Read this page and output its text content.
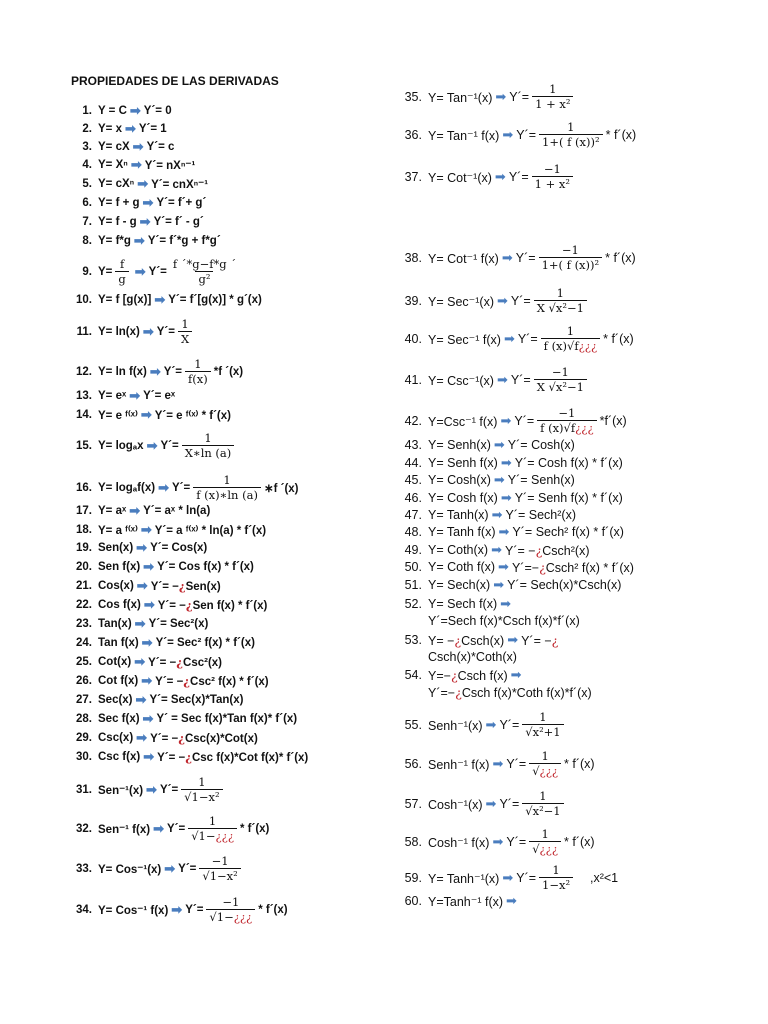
PROPIEDADES DE LAS DERIVADAS
1. Y = C ➡ Y´= 0
2. Y= x ➡ Y´= 1
3. Y= cX ➡ Y´= c
4. Y= Xⁿ ➡ Y´= nXⁿ⁻¹
5. Y= cXⁿ ➡ Y´= cnXⁿ⁻¹
6. Y= f + g ➡ Y´= f´+ g´
7. Y= f - g ➡ Y´= f´ - g´
8. Y= f*g ➡ Y´= f´*g + f*g´
9. $Y= \frac{f}{g}$ ➡ Y´= $\frac{f ´*g-f*g ´}{\text{g²}}$
10. Y= f [g(x)] ➡ Y´= f´[g(x)] * g´(x)
11. Y= ln(x) ➡ Y´= $\frac{1}{X}$
12. Y= ln f(x) ➡ Y´= $\frac{1}{f(x)} *f$ ´(x)
13. Y= eˣ ➡ Y´= eˣ
14. Y= e ᶠ⁽ˣ⁾ ➡ Y´= e ᶠ⁽ˣ⁾ * f´(x)
15. Y= logₐx ➡ Y´= $\frac{1}{X∗\ln (a)}$
16. Y= logₐf(x) ➡ Y´= $\frac{1}{f (x)∗\ln (a)}$ ∗f ´(x)
17. Y= aˣ ➡ Y´= aˣ * ln(a)
18. Y= a ᶠ⁽ˣ⁾ ➡ Y´= a ᶠ⁽ˣ⁾ * ln(a) * f´(x)
19. Sen(x) ➡ Y´= Cos(x)
20. Sen f(x) ➡ Y´= Cos f(x) * f´(x)
21. Cos(x) ➡ Y´= −¿Sen(x)
22. Cos f(x) ➡ Y´= −¿Sen f(x) * f´(x)
23. Tan(x) ➡ Y´= Sec²(x)
24. Tan f(x) ➡ Y´= Sec² f(x) * f´(x)
25. Cot(x) ➡ Y´= −¿Csc²(x)
26. Cot f(x) ➡ Y´= −¿Csc² f(x) * f´(x)
27. Sec(x) ➡ Y´= Sec(x)*Tan(x)
28. Sec f(x) ➡ Y´ = Sec f(x)*Tan f(x)* f´(x)
29. Csc(x) ➡ Y´= −¿Csc(x)*Cot(x)
30. Csc f(x) ➡ Y´= −¿Csc f(x)*Cot f(x)* f´(x)
31. Sen⁻¹(x) ➡ Y´= $\frac{1}{\text{√1−x²}}$
32. Sen⁻¹ f(x) ➡ Y´= $\frac{1}{√1-¿¿¿}$ * f´(x)
33. Y= Cos⁻¹(x) ➡ Y´= $\frac{-1}{\text{√1−x²}}$
34. Y= Cos⁻¹ f(x) ➡ Y´= $\frac{-1}{√1-¿¿¿}$ * f´(x)
35. Y= Tan⁻¹(x) ➡ Y´= $\frac{1}{\text{1 + x²}}$
36. Y= Tan⁻¹ f(x) ➡ Y´= $\frac{1}{\text{1+( f (x))²}}$ * f´(x)
37. Y= Cot⁻¹(x) ➡ Y´= $\frac{-1}{\text{1 + x²}}$
38. Y= Cot⁻¹ f(x) ➡ Y´= $\frac{-1}{\text{1+( f (x))²}}$ * f´(x)
39. Y= Sec⁻¹(x) ➡ Y´= $\frac{1}{\text{X √x²−1}}$
40. Y= Sec⁻¹ f(x) ➡ Y´= $\frac{1}{f (x)√f¿¿¿}$ * f´(x)
41. Y= Csc⁻¹(x) ➡ Y´= $\frac{-1}{\text{X √x²−1}}$
42. Y=Csc⁻¹ f(x) ➡ Y´= $\frac{-1}{f (x)√f¿¿¿}$ *f´(x)
43. Y= Senh(x) ➡ Y´= Cosh(x)
44. Y= Senh f(x) ➡ Y´= Cosh f(x) * f´(x)
45. Y= Cosh(x) ➡ Y´= Senh(x)
46. Y= Cosh f(x) ➡ Y´= Senh f(x) * f´(x)
47. Y= Tanh(x) ➡ Y´= Sech²(x)
48. Y= Tanh f(x) ➡ Y´= Sech² f(x) * f´(x)
49. Y= Coth(x) ➡ Y´= −¿Csch²(x)
50. Y= Coth f(x) ➡ Y´=−¿Csch² f(x) * f´(x)
51. Y= Sech(x) ➡ Y´= Sech(x)*Csch(x)
52. Y= Sech f(x) ➡
Y´=Sech f(x)*Csch f(x)*f´(x)
53. Y= −¿Csch(x) ➡ Y´= −¿
Csch(x)*Coth(x)
54. Y=−¿Csch f(x) ➡
Y´=− ¿ Csch f(x)*Coth f(x)*f´(x)
55. Senh⁻¹(x) ➡ Y´= $\frac{1}{\text{√x²+1}}$
56. Senh⁻¹ f(x) ➡ Y´= $\frac{1}{√¿¿¿}$ * f´(x)
57. Cosh⁻¹(x) ➡ Y´= $\frac{1}{\text{√x²−1}}$
58. Cosh⁻¹ f(x) ➡ Y´= $\frac{1}{√¿¿¿}$ * f´(x)
59. Y= Tanh⁻¹(x) ➡ Y´= $\frac{1}{\text{1−x²}} ,x^2<1$
60. Y=Tanh⁻¹ f(x) ➡
